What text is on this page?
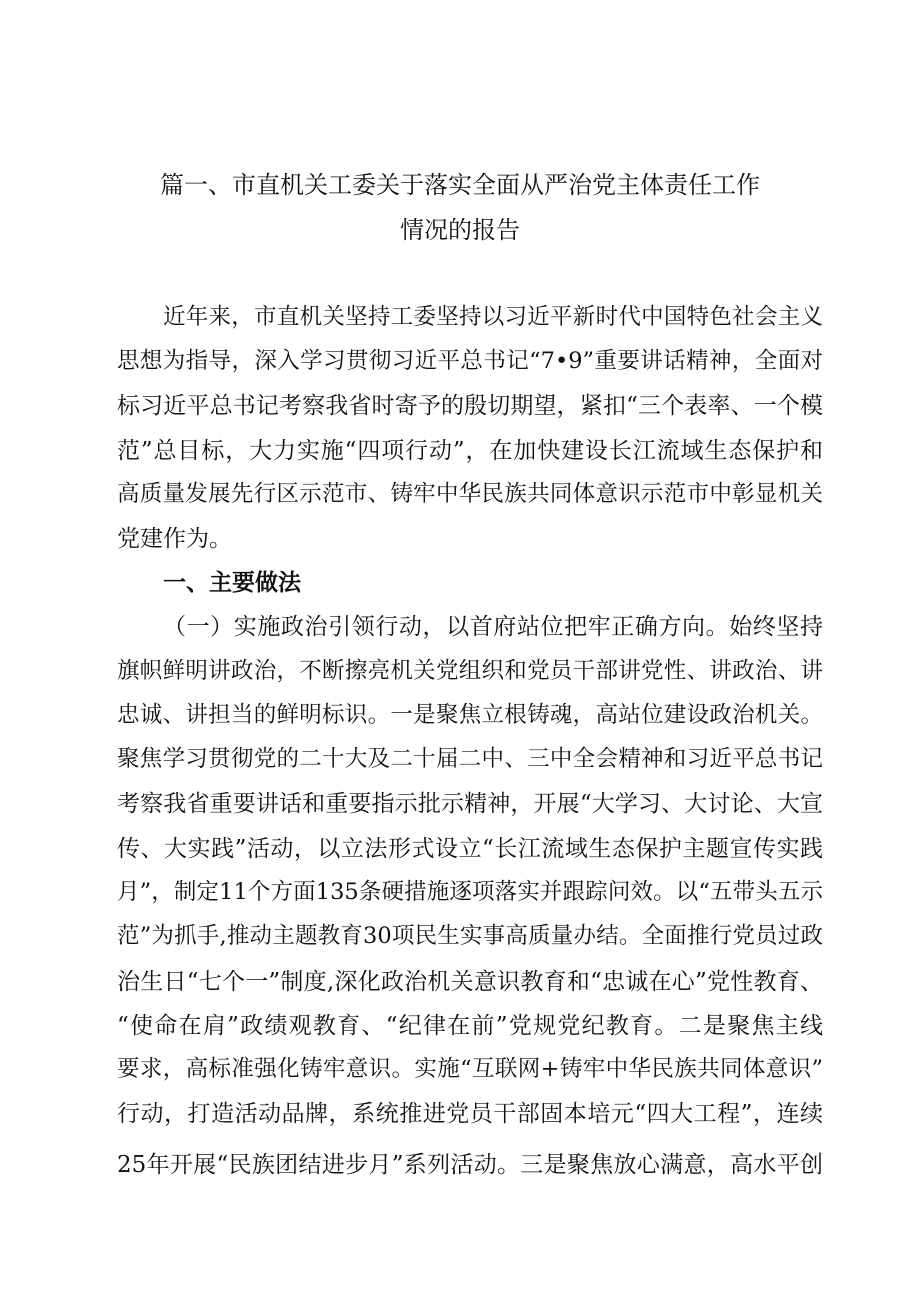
篇一、市直机关工委关于落实全面从严治党主体责任工作
情况的报告
近年来，市直机关坚持工委坚持以习近平新时代中国特色社会主义
思想为指导，深入学习贯彻习近平总书记“7•9”重要讲话精神，全面对
标习近平总书记考察我省时寄予的殷切期望，紧扣“三个表率、一个模
范”总目标，大力实施“四项行动”，在加快建设长江流域生态保护和
高质量发展先行区示范市、铸牢中华民族共同体意识示范市中彰显机关
党建作为。
一、主要做法
（一）实施政治引领行动，以首府站位把牢正确方向。始终坚持
旗帜鲜明讲政治，不断擦亮机关党组织和党员干部讲党性、讲政治、讲
忠诚、讲担当的鲜明标识。一是聚焦立根铸魂，高站位建设政治机关。
聚焦学习贯彻党的二十大及二十届二中、三中全会精神和习近平总书记
考察我省重要讲话和重要指示批示精神，开展“大学习、大讨论、大宣
传、大实践”活动，以立法形式设立“长江流域生态保护主题宣传实践
月”，制定11个方面135条硬措施逐项落实并跟踪问效。以“五带头五示
范”为抓手,推动主题教育30项民生实事高质量办结。全面推行党员过政
治生日“七个一”制度,深化政治机关意识教育和“忠诚在心”党性教育、
“使命在肩”政绩观教育、“纪律在前”党规党纪教育。二是聚焦主线
要求，高标准强化铸牢意识。实施“互联网+铸牢中华民族共同体意识”
行动，打造活动品牌，系统推进党员干部固本培元“四大工程”，连续
25年开展“民族团结进步月”系列活动。三是聚焦放心满意，高水平创
